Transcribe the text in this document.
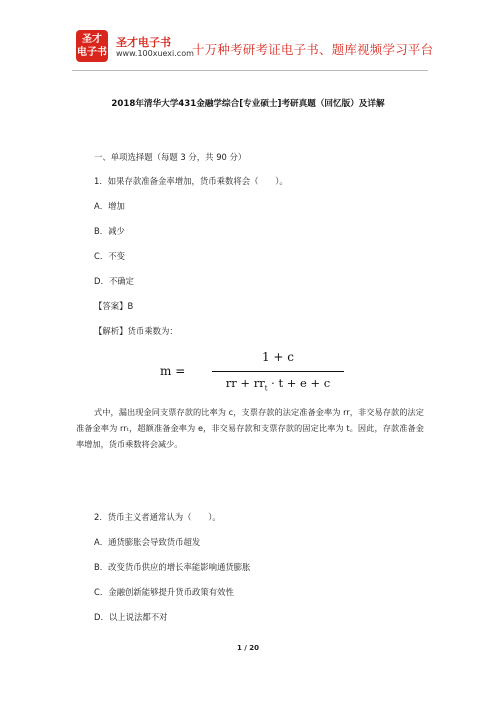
圣才
电子书
圣才电子书
www.100xuexi.com
十万种考研考证电子书、题库视频学习平台
2018年清华大学431金融学综合[专业硕士]考研真题（回忆版）及详解
一、单项选择题（每题 3 分，共 90 分）
1．如果存款准备金率增加，货币乘数将会（　　）。
A．增加
B．减少
C．不变
D．不确定
【答案】B
【解析】货币乘数为：
m =
1 + c
rr + $rr_t \cdot t + e + c$
式中，漏出现金同支票存款的比率为 c，支票存款的法定准备金率为 rr，非交易存款的法定准备金率为 rrₜ，超额准备金率为 e，非交易存款和支票存款的固定比率为 t。因此，存款准备金率增加，货币乘数将会减少。
2．货币主义者通常认为（　　）。
A．通货膨胀会导致货币超发
B．改变货币供应的增长率能影响通货膨胀
C．金融创新能够提升货币政策有效性
D．以上说法都不对
1 / 20
